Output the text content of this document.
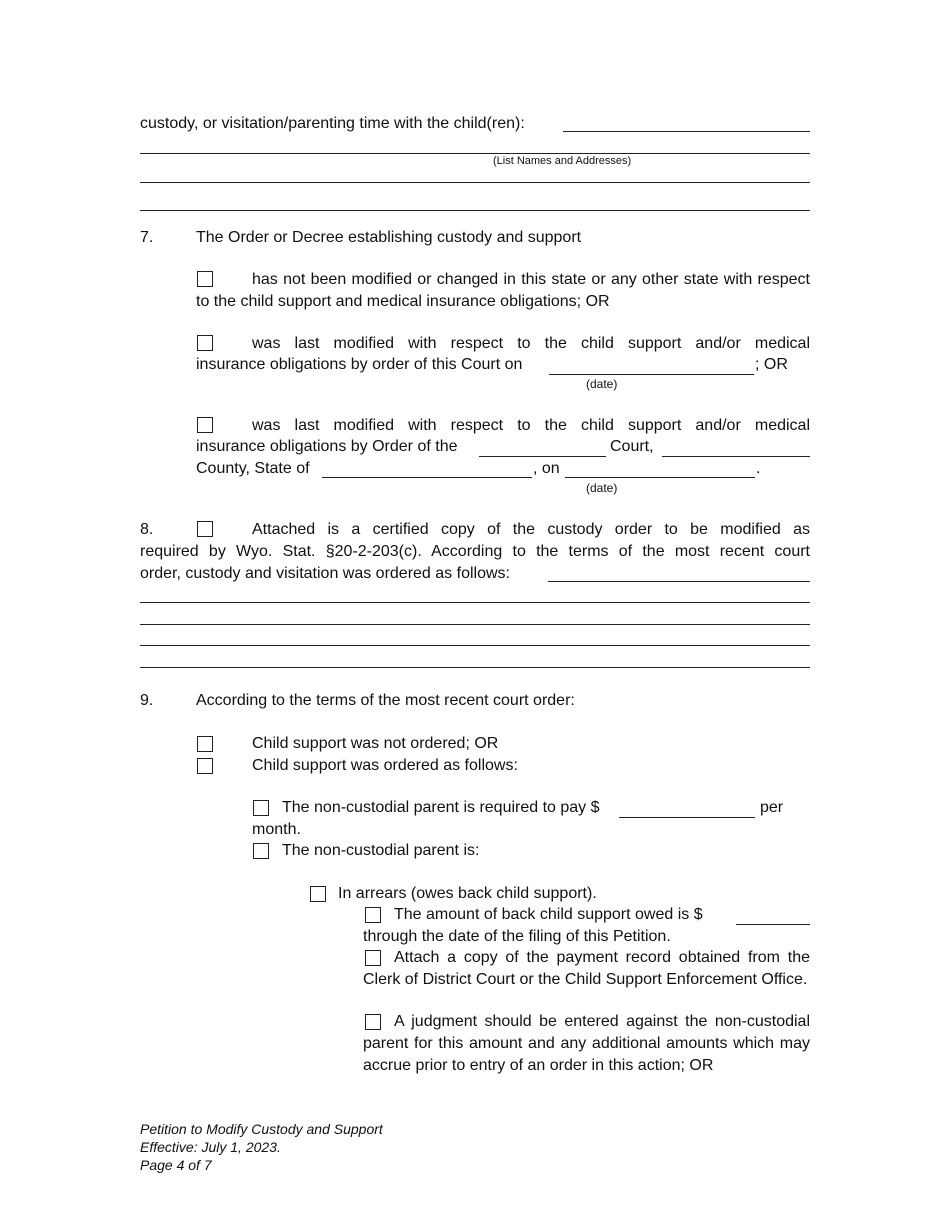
custody, or visitation/parenting time with the child(ren):
(List Names and Addresses)
7.	The Order or Decree establishing custody and support
has not been modified or changed in this state or any other state with respect to the child support and medical insurance obligations; OR
was last modified with respect to the child support and/or medical
insurance obligations by order of this Court on	; OR
(date)
was last modified with respect to the child support and/or medical
insurance obligations by Order of the	Court,
County, State of	, on	.
(date)
8.	Attached is a certified copy of the custody order to be modified as
required by Wyo. Stat. §20-2-203(c). According to the terms of the most recent court
order, custody and visitation was ordered as follows:
9.	According to the terms of the most recent court order:
Child support was not ordered; OR
Child support was ordered as follows:
The non-custodial parent is required to pay $	per
month.
The non-custodial parent is:
In arrears (owes back child support).
The amount of back child support owed is $
through the date of the filing of this Petition.
Attach a copy of the payment record obtained from the Clerk of District Court or the Child Support Enforcement Office.
A judgment should be entered against the non-custodial parent for this amount and any additional amounts which may accrue prior to entry of an order in this action; OR
Petition to Modify Custody and Support
Effective: July 1, 2023.
Page 4 of 7
